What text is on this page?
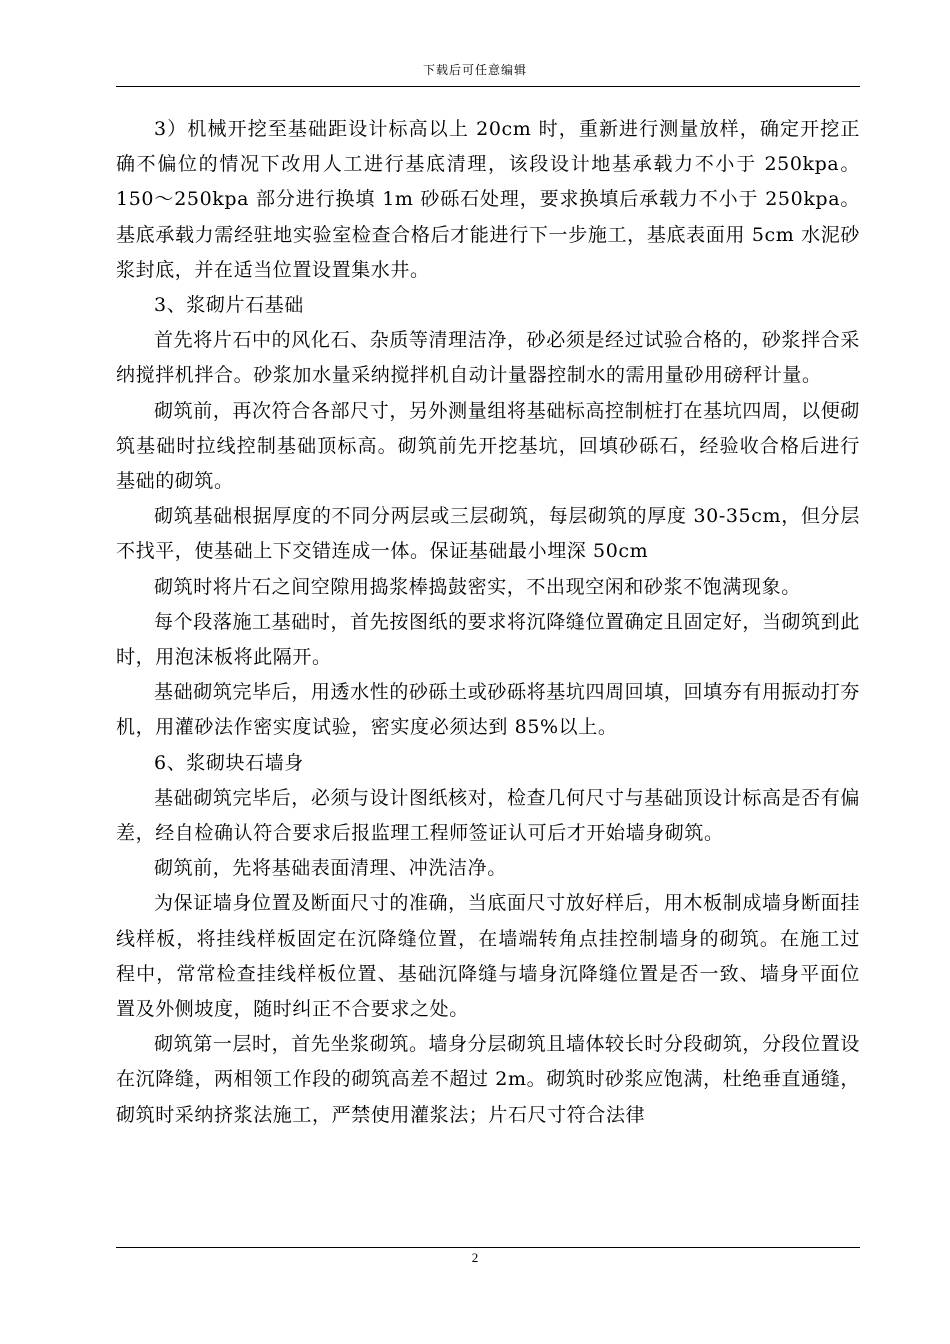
下载后可任意编辑

3）机械开挖至基础距设计标高以上 20cm 时，重新进行测量放样，确定开挖正确不偏位的情况下改用人工进行基底清理，该段设计地基承载力不小于 250kpa。150～250kpa 部分进行换填 1m 砂砾石处理，要求换填后承载力不小于 250kpa。基底承载力需经驻地实验室检查合格后才能进行下一步施工，基底表面用 5cm 水泥砂浆封底，并在适当位置设置集水井。

3、浆砌片石基础

首先将片石中的风化石、杂质等清理洁净，砂必须是经过试验合格的，砂浆拌合采纳搅拌机拌合。砂浆加水量采纳搅拌机自动计量器控制水的需用量砂用磅秤计量。

砌筑前，再次符合各部尺寸，另外测量组将基础标高控制桩打在基坑四周，以便砌筑基础时拉线控制基础顶标高。砌筑前先开挖基坑，回填砂砾石，经验收合格后进行基础的砌筑。

砌筑基础根据厚度的不同分两层或三层砌筑，每层砌筑的厚度 30-35cm，但分层不找平，使基础上下交错连成一体。保证基础最小埋深 50cm

砌筑时将片石之间空隙用捣浆棒捣鼓密实，不出现空闲和砂浆不饱满现象。

每个段落施工基础时，首先按图纸的要求将沉降缝位置确定且固定好，当砌筑到此时，用泡沫板将此隔开。

基础砌筑完毕后，用透水性的砂砾土或砂砾将基坑四周回填，回填夯有用振动打夯机，用灌砂法作密实度试验，密实度必须达到 85%以上。

6、浆砌块石墙身

基础砌筑完毕后，必须与设计图纸核对，检查几何尺寸与基础顶设计标高是否有偏差，经自检确认符合要求后报监理工程师签证认可后才开始墙身砌筑。

砌筑前，先将基础表面清理、冲洗洁净。

为保证墙身位置及断面尺寸的准确，当底面尺寸放好样后，用木板制成墙身断面挂线样板，将挂线样板固定在沉降缝位置，在墙端转角点挂控制墙身的砌筑。在施工过程中，常常检查挂线样板位置、基础沉降缝与墙身沉降缝位置是否一致、墙身平面位置及外侧坡度，随时纠正不合要求之处。

砌筑第一层时，首先坐浆砌筑。墙身分层砌筑且墙体较长时分段砌筑，分段位置设在沉降缝，两相领工作段的砌筑高差不超过 2m。砌筑时砂浆应饱满，杜绝垂直通缝，砌筑时采纳挤浆法施工，严禁使用灌浆法；片石尺寸符合法律

2
